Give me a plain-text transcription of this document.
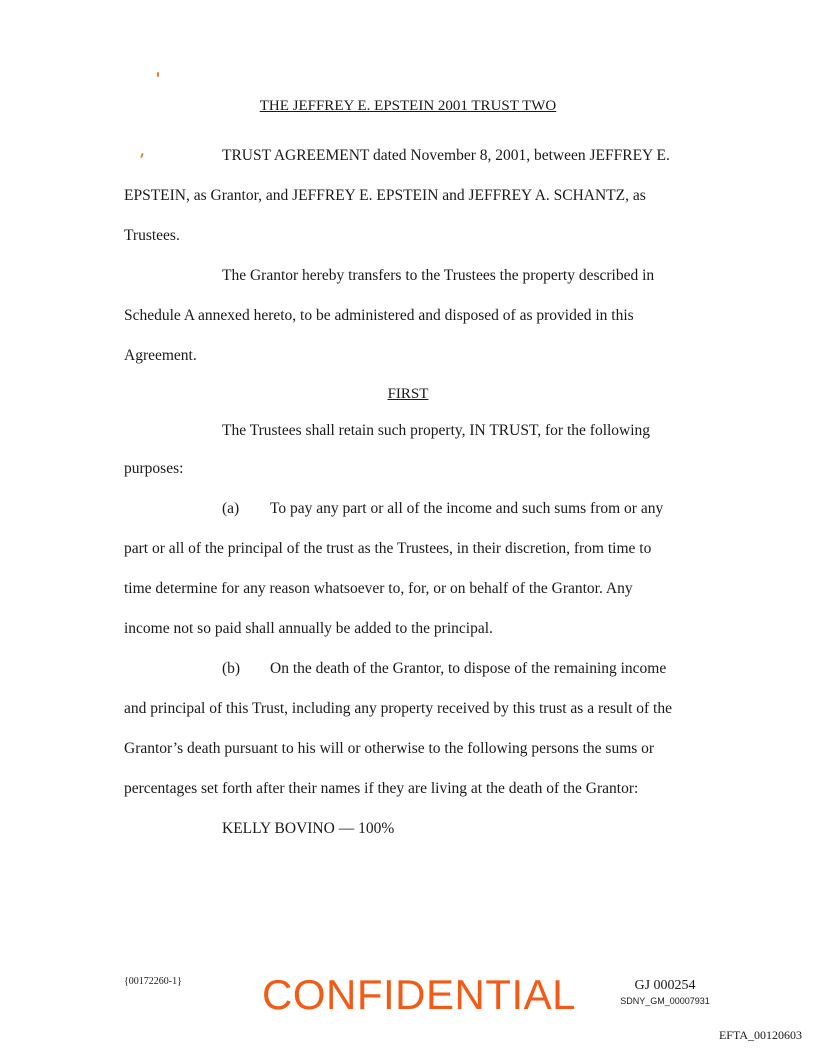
THE JEFFREY E. EPSTEIN 2001 TRUST TWO
TRUST AGREEMENT dated November 8, 2001, between JEFFREY E.
EPSTEIN, as Grantor, and JEFFREY E. EPSTEIN and JEFFREY A. SCHANTZ, as
Trustees.
The Grantor hereby transfers to the Trustees the property described in
Schedule A annexed hereto, to be administered and disposed of as provided in this
Agreement.
FIRST
The Trustees shall retain such property, IN TRUST, for the following
purposes:
(a) To pay any part or all of the income and such sums from or any
part or all of the principal of the trust as the Trustees, in their discretion, from time to
time determine for any reason whatsoever to, for, or on behalf of the Grantor. Any
income not so paid shall annually be added to the principal.
(b) On the death of the Grantor, to dispose of the remaining income
and principal of this Trust, including any property received by this trust as a result of the
Grantor’s death pursuant to his will or otherwise to the following persons the sums or
percentages set forth after their names if they are living at the death of the Grantor:
KELLY BOVINO — 100%
{00172260-1} CONFIDENTIAL	GJ 000254
SDNY_GM_00007931
EFTA_00120603
